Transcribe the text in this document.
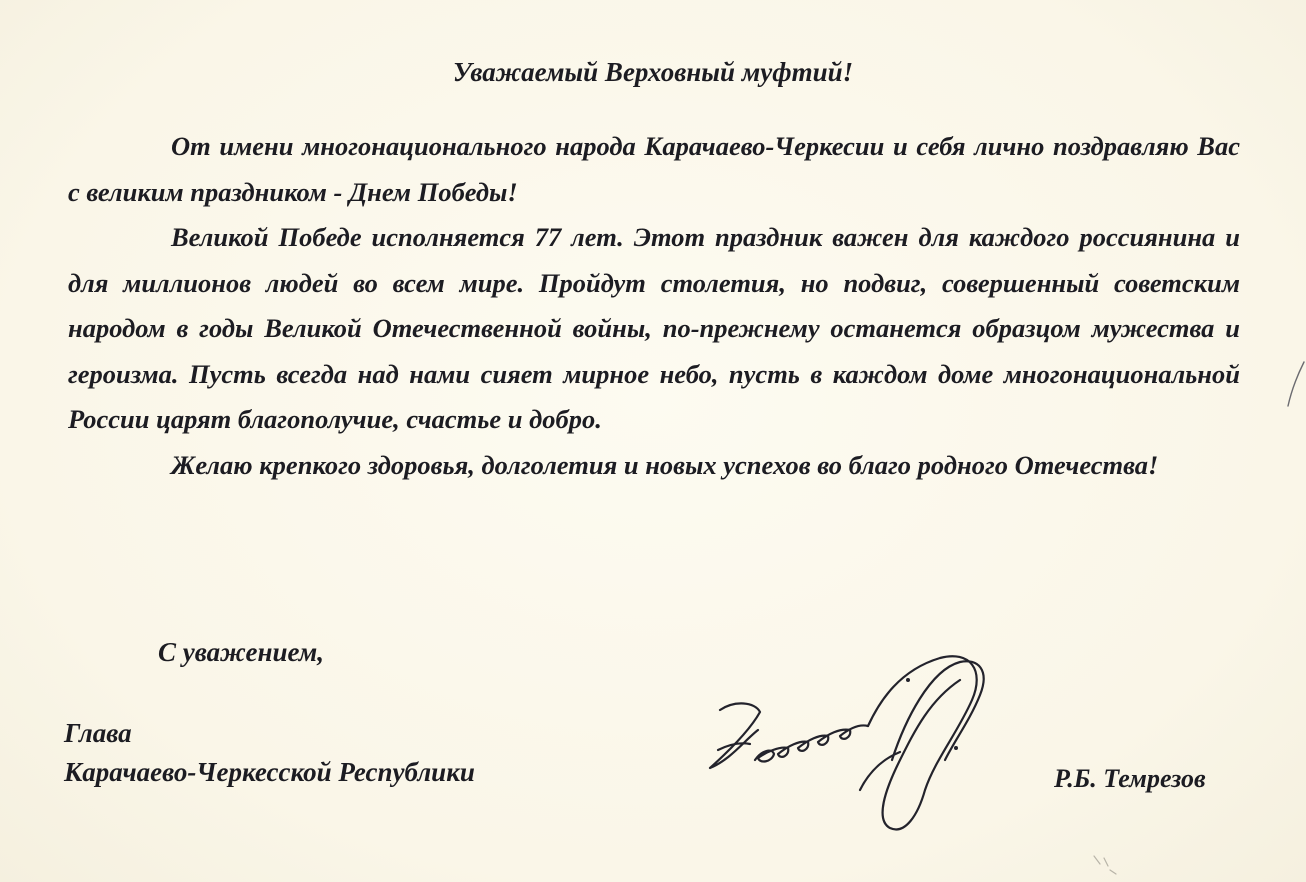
Уважаемый Верховный муфтий!

От имени многонационального народа Карачаево-Черкесии и себя лично поздравляю Вас с великим праздником - Днем Победы!

Великой Победе исполняется 77 лет. Этот праздник важен для каждого россиянина и для миллионов людей во всем мире. Пройдут столетия, но подвиг, совершенный советским народом в годы Великой Отечественной войны, по-прежнему останется образцом мужества и героизма. Пусть всегда над нами сияет мирное небо, пусть в каждом доме многонациональной России царят благополучие, счастье и добро.

Желаю крепкого здоровья, долголетия и новых успехов во благо родного Отечества!

С уважением,
Глава
Карачаево-Черкесской Республики	Р.Б. Темрезов
